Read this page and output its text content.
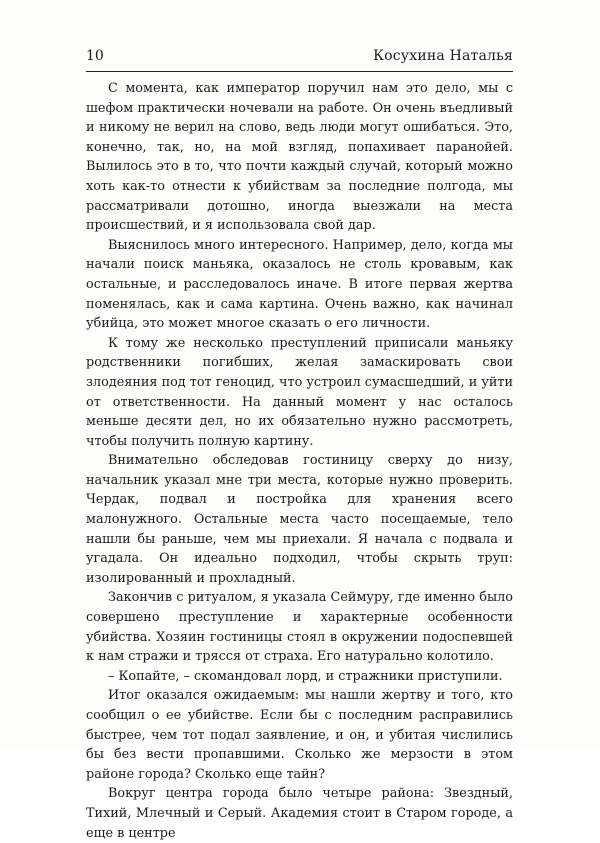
10	Косухина Наталья

С момента, как император поручил нам это дело, мы с шефом практически ночевали на работе. Он очень въедливый и никому не верил на слово, ведь люди могут ошибаться. Это, конечно, так, но, на мой взгляд, попахивает паранойей. Вылилось это в то, что почти каждый случай, который можно хоть как-то отнести к убийствам за последние полгода, мы рассматривали дотошно, иногда выезжали на места происшествий, и я использовала свой дар.

Выяснилось много интересного. Например, дело, когда мы начали поиск маньяка, оказалось не столь кровавым, как остальные, и расследовалось иначе. В итоге первая жертва поменялась, как и сама картина. Очень важно, как начинал убийца, это может многое сказать о его личности.

К тому же несколько преступлений приписали маньяку родственники погибших, желая замаскировать свои злодеяния под тот геноцид, что устроил сумасшедший, и уйти от ответственности. На данный момент у нас осталось меньше десяти дел, но их обязательно нужно рассмотреть, чтобы получить полную картину.

Внимательно обследовав гостиницу сверху до низу, начальник указал мне три места, которые нужно проверить. Чердак, подвал и постройка для хранения всего малонужного. Остальные места часто посещаемые, тело нашли бы раньше, чем мы приехали. Я начала с подвала и угадала. Он идеально подходил, чтобы скрыть труп: изолированный и прохладный.

Закончив с ритуалом, я указала Сеймуру, где именно было совершено преступление и характерные особенности убийства. Хозяин гостиницы стоял в окружении подоспевшей к нам стражи и трясся от страха. Его натурально колотило.

– Копайте, – скомандовал лорд, и стражники приступили.

Итог оказался ожидаемым: мы нашли жертву и того, кто сообщил о ее убийстве. Если бы с последним расправились быстрее, чем тот подал заявление, и он, и убитая числились бы без вести пропавшими. Сколько же мерзости в этом районе города? Сколько еще тайн?

Вокруг центра города было четыре района: Звездный, Тихий, Млечный и Серый. Академия стоит в Старом городе, а еще в центре
